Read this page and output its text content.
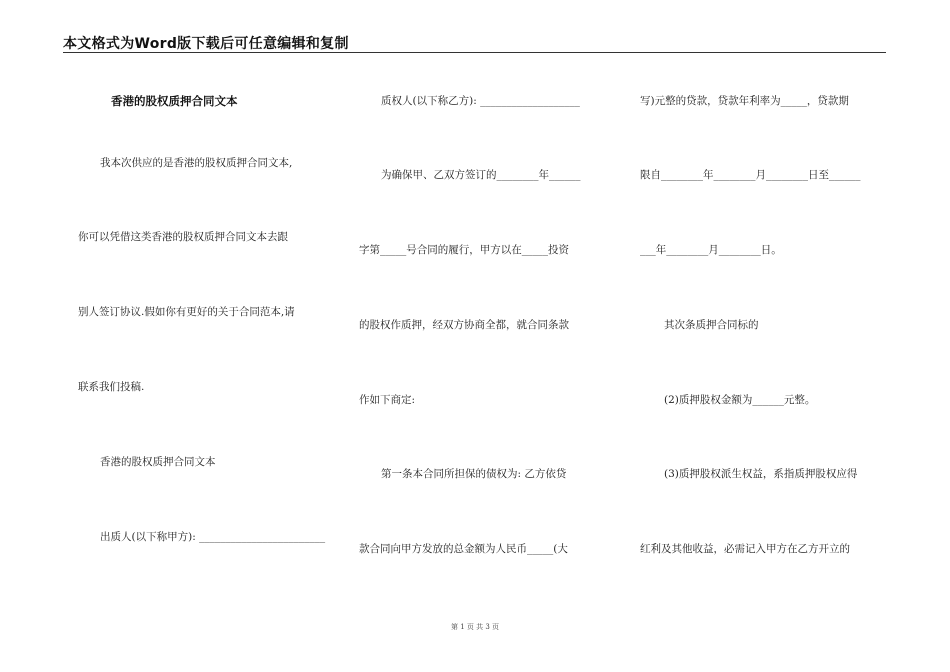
本文格式为Word版下载后可任意编辑和复制
香港的股权质押合同文本
我本次供应的是香港的股权质押合同文本,
你可以凭借这类香港的股权质押合同文本去跟
别人签订协议.假如你有更好的关于合同范本,请
联系我们投稿.
香港的股权质押合同文本
出质人(以下称甲方): ________________________
质权人(以下称乙方): ___________________
为确保甲、乙双方签订的________年______
字第_____号合同的履行，甲方以在_____投资
的股权作质押，经双方协商全都，就合同条款
作如下商定:
第一条本合同所担保的债权为: 乙方依贷
款合同向甲方发放的总金额为人民币_____(大
写)元整的贷款，贷款年利率为_____，贷款期
限自________年________月________日至______
___年________月________日。
其次条质押合同标的
(2)质押股权金额为______元整。
(3)质押股权派生权益，系指质押股权应得
红利及其他收益，必需记入甲方在乙方开立的
第 1 页 共 3 页
